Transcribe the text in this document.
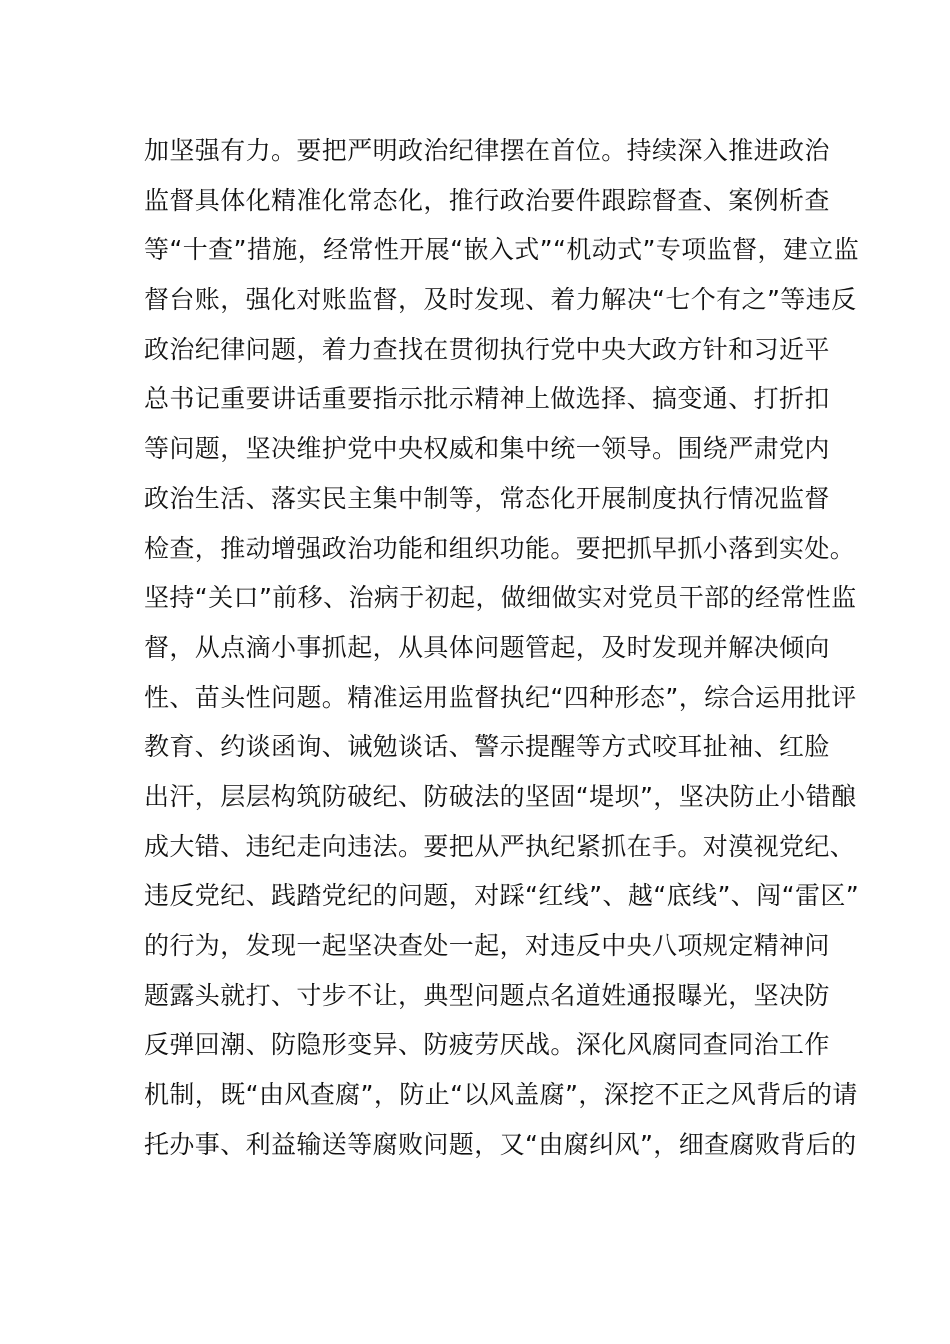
加坚强有力。要把严明政治纪律摆在首位。持续深入推进政治
监督具体化精准化常态化，推行政治要件跟踪督查、案例析查
等“十查”措施，经常性开展“嵌入式”“机动式”专项监督，建立监
督台账，强化对账监督，及时发现、着力解决“七个有之”等违反
政治纪律问题，着力查找在贯彻执行党中央大政方针和习近平
总书记重要讲话重要指示批示精神上做选择、搞变通、打折扣
等问题，坚决维护党中央权威和集中统一领导。围绕严肃党内
政治生活、落实民主集中制等，常态化开展制度执行情况监督
检查，推动增强政治功能和组织功能。要把抓早抓小落到实处。
坚持“关口”前移、治病于初起，做细做实对党员干部的经常性监
督，从点滴小事抓起，从具体问题管起，及时发现并解决倾向
性、苗头性问题。精准运用监督执纪“四种形态”，综合运用批评
教育、约谈函询、诫勉谈话、警示提醒等方式咬耳扯袖、红脸
出汗，层层构筑防破纪、防破法的坚固“堤坝”，坚决防止小错酿
成大错、违纪走向违法。要把从严执纪紧抓在手。对漠视党纪、
违反党纪、践踏党纪的问题，对踩“红线”、越“底线”、闯“雷区”
的行为，发现一起坚决查处一起，对违反中央八项规定精神问
题露头就打、寸步不让，典型问题点名道姓通报曝光，坚决防
反弹回潮、防隐形变异、防疲劳厌战。深化风腐同查同治工作
机制，既“由风查腐”，防止“以风盖腐”，深挖不正之风背后的请
托办事、利益输送等腐败问题，又“由腐纠风”，细查腐败背后的
